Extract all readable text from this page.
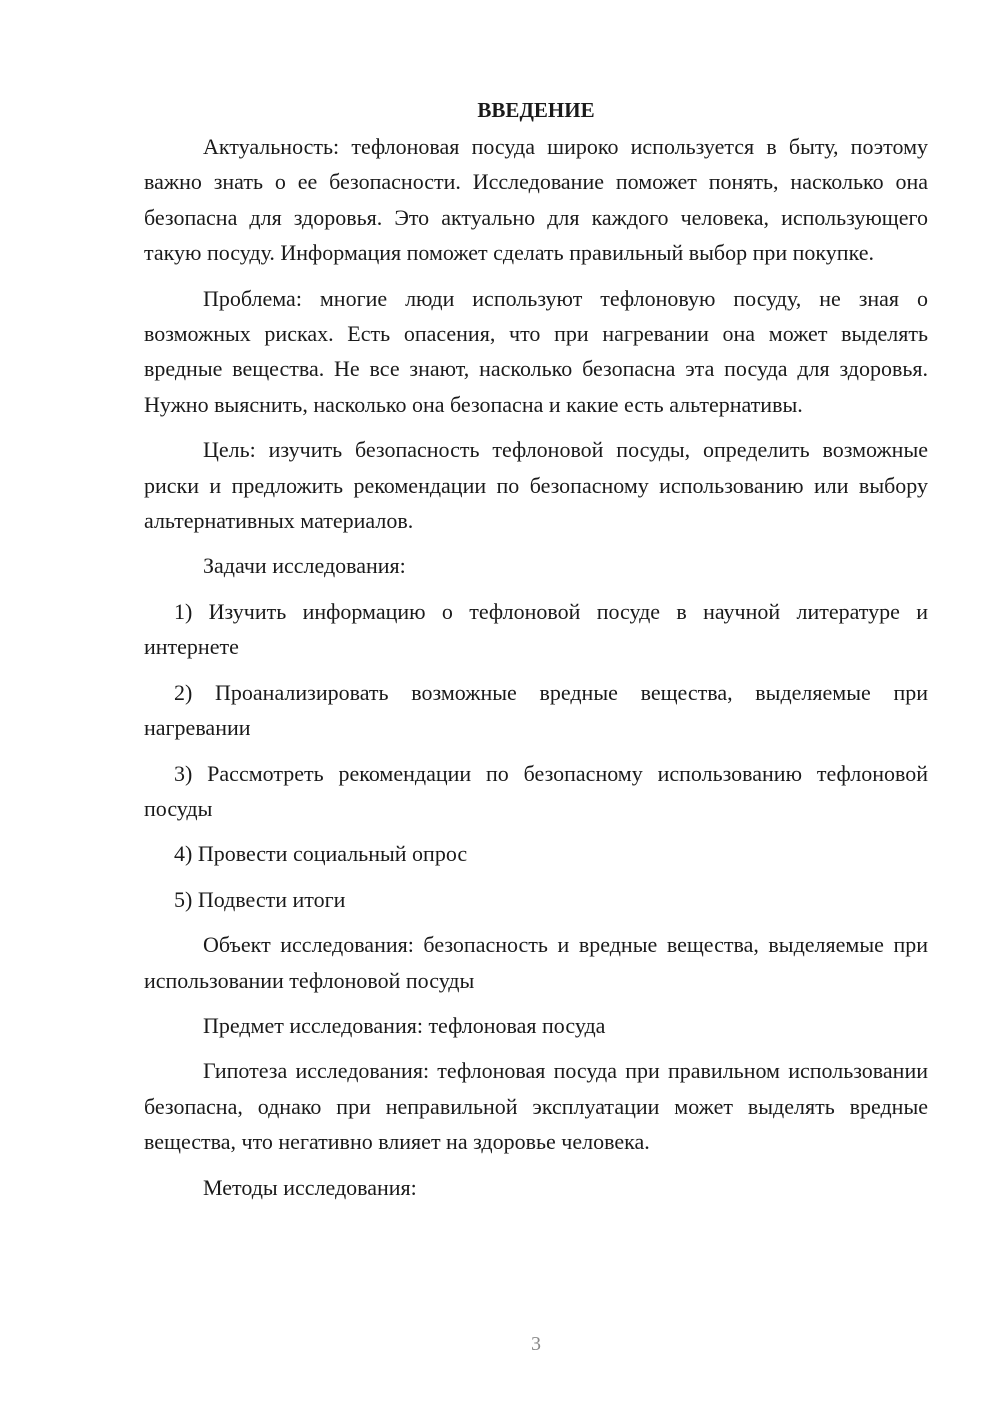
ВВЕДЕНИЕ

Актуальность: тефлоновая посуда широко используется в быту, поэтому важно знать о ее безопасности. Исследование поможет понять, насколько она безопасна для здоровья. Это актуально для каждого человека, использующего такую посуду. Информация поможет сделать правильный выбор при покупке.

Проблема: многие люди используют тефлоновую посуду, не зная о возможных рисках. Есть опасения, что при нагревании она может выделять вредные вещества. Не все знают, насколько безопасна эта посуда для здоровья. Нужно выяснить, насколько она безопасна и какие есть альтернативы.

Цель: изучить безопасность тефлоновой посуды, определить возможные риски и предложить рекомендации по безопасному использованию или выбору альтернативных материалов.

Задачи исследования:

1) Изучить информацию о тефлоновой посуде в научной литературе и интернете

2) Проанализировать возможные вредные вещества, выделяемые при нагревании

3) Рассмотреть рекомендации по безопасному использованию тефлоновой посуды

4) Провести социальный опрос

5) Подвести итоги

Объект исследования: безопасность и вредные вещества, выделяемые при использовании тефлоновой посуды

Предмет исследования: тефлоновая посуда

Гипотеза исследования: тефлоновая посуда при правильном использовании безопасна, однако при неправильной эксплуатации может выделять вредные вещества, что негативно влияет на здоровье человека.

Методы исследования:

3
